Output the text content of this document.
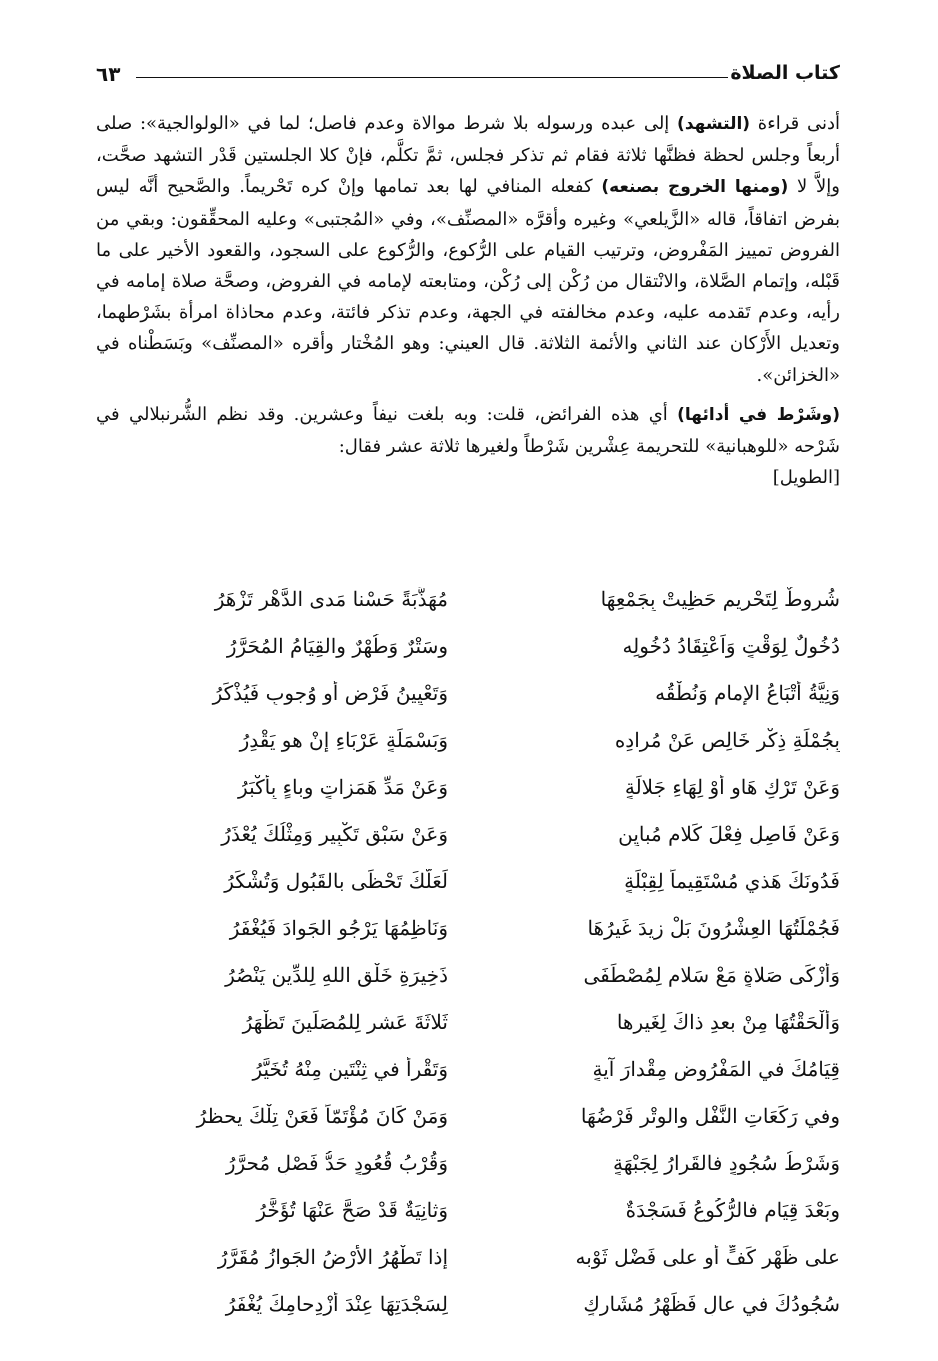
كتاب الصلاة
٦٣

أدنى قراءة (التشهد) إلى عبده ورسوله بلا شرط موالاة وعدم فاصل؛ لما في «الولوالجية»: صلى أربعاً وجلس لحظة فظنَّها ثلاثة فقام ثم تذكر فجلس، ثمَّ تكلَّم، فإنْ كلا الجلستين قَدْر التشهد صحَّت، وإلاَّ لا (ومنها الخروج بصنعه) كفعله المنافي لها بعد تمامها وإنْ كره تَحْريماً. والصَّحيح أنَّه ليس بفرض اتفاقاً، قاله «الزَّيلعي» وغيره وأقرَّه «المصنِّف»، وفي «المُجتبى» وعليه المحقِّقون: وبقي من الفروض تمييز المَفْروض، وترتيب القيام على الرُّكوع، والرُّكوع على السجود، والقعود الأخير على ما قَبْله، وإتمام الصَّلاة، والانْتقال من رُكْن إلى رُكْن، ومتابعته لإمامه في الفروض، وصحَّة صلاة إمامه في رأيه، وعدم تَقدمه عليه، وعدم مخالفته في الجهة، وعدم تذكر فائتة، وعدم محاذاة امرأة بشَرْطهما، وتعديل الأَرْكان عند الثاني والأئمة الثلاثة. قال العيني: وهو المُخْتار وأقره «المصنِّف» وبَسَطْناه في «الخزائن».

(وشَرْط في أدائها) أي هذه الفرائض، قلت: وبه بلغت نيفاً وعشرين. وقد نظم الشُّرنبلالي في شَرْحه «للوهبانية» للتحريمة عِشْرين شَرْطاً ولغيرها ثلاثة عشر فقال:
[الطويل]

شُروطٌ لِتَحْريمٍ حَظِيتْ بِجَمْعِهَا
مُهَذَّبَةً حَسْنا مَدى الدَّهْرِ تَزْهَرُ
دُخُولٌ لِوَقْتٍ وَاَعْتِقَادُ دُخُولِه
وسَتْرٌ وَطُهْرٌ والقِيَامُ المُحَرَّرُ
وَنِيَّةُ أتْبَاعُ الإِمامِ وَنُطْقُه
وَتَعْيِينُ فَرْضٍ أو وُجوبٍ فَيُذْكَرُ
بِجُمْلَةِ ذِكْرٍ خَالِصٍ عَنْ مُرادِه
وَبَسْمَلَةٍ عَرْبَاءِ إنْ هو يَقْدِرُ
وَعَنْ تَرْكِ هَاوٍ أوْ لِهَاءِ جَلالَةٍ
وَعَنْ مَدِّ هَمَزاتٍ وباءٍ بِأَكْبَرُ
وَعَنْ فَاصِلٍ فِعْلَ كَلامٍ مُبايِنٍ
وَعَنْ سَبْقِ تَكْبِيرٍ وَمِثْلُكَ يُعْذَرُ
فَدُونَكَ هَذي مُسْتَقِيماً لِقِبْلَةٍ
لَعَلَّكَ تَحْظَى بالقَبُولِ وَتُشْكَرُ
فَجُمْلَتُهَا العِشْرُونَ بَلْ زِيدَ غَيرُهَا
وَنَاظِمُهَا يَرْجُو الجَوادَ فَيُغْفَرُ
وَأَزْكَى صَلاةٍ مَعْ سَلامٍ لِمُصْطَفَى
ذَخِيرَةِ خَلْقِ اللهِ لِلدِّينِ يَنْصُرُ
وَأَلْحَقْتُهَا مِنْ بعدِ ذاكَ لِغَيرِها
ثَلاثَةَ عَشرٍ لِلمُصَلِّينَ تَظْهَرُ
قِيَامُكَ في المَفْرُوضِ مِقْدارَ آيةٍ
وَتَقْرأُ في ثِنْتَينِ مِنْهُ تُخَيَّرُ
وفي رَكَعَاتِ النَّفْلِ والوِتْرِ فَرْضُهَا
وَمَنْ كَانَ مُؤْتَمّاً فَعَنْ تِلْكَ يحظرُ
وَشَرْطُ سُجُودٍ فالقَرارُ لِجَبْهَةٍ
وَقُرْبُ قُعُودٍ حَدُّ فَصْلٍ مُحرَّرُ
وبَعْدَ قِيَامٍ فالرُّكُوعُ فَسَجْدَةٌ
وَثانِيَةٌ قَدْ صَحَّ عَنْهَا تُؤَخَّرُ
على ظَهْرِ كَفٍّ أو على فَضْلِ ثَوْبه
إذا تَطْهُرُ الأَرْضُ الجَوازُ مُقَرَّرُ
سُجُودُكَ في عالٍ فَظَهْرُ مُشَارِكٍ
لِسَجْدَتِهَا عِنْدَ أزْدِحامِكَ يُغْفَرُ
